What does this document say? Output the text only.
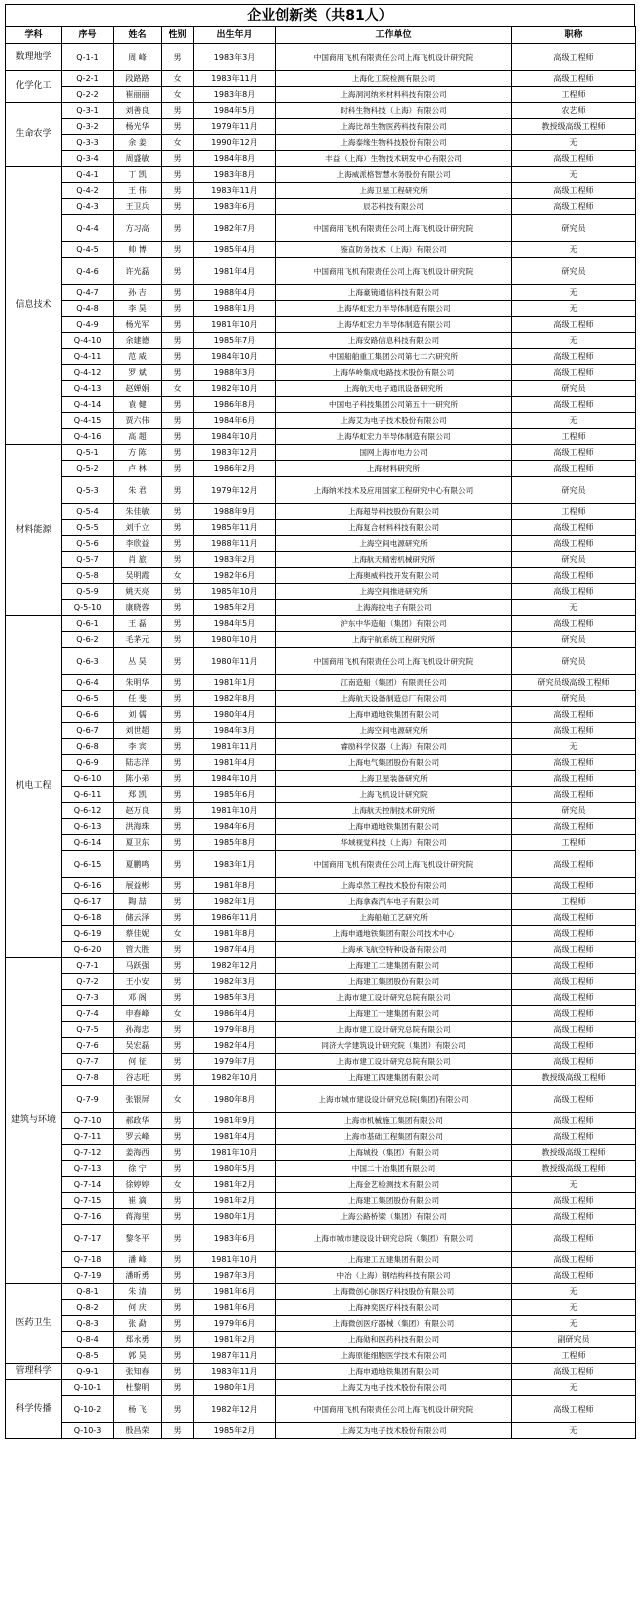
企业创新类（共81人）
学科	序号	姓名	性别	出生年月	工作单位	职称
数理地学	Q-1-1	周 峰	男	1983年3月	中国商用飞机有限责任公司上海飞机设计研究院	高级工程师
化学化工	Q-2-1	段路路	女	1983年11月	上海化工院检测有限公司	高级工程师
	Q-2-2	崔丽丽	女	1983年8月	上海洞河纳米材料科技有限公司	工程师
生命农学	Q-3-1	刘善良	男	1984年5月	时科生物科技（上海）有限公司	农艺师
	Q-3-2	杨光华	男	1979年11月	上海比昂生物医药科技有限公司	教授级高级工程师
	Q-3-3	余 姜	女	1990年12月	上海泰缘生物科技股份有限公司	无
	Q-3-4	周盛敏	男	1984年8月	丰益（上海）生物技术研发中心有限公司	高级工程师
信息技术	Q-4-1	丁 凯	男	1983年8月	上海威派格智慧水务股份有限公司	无
	Q-4-2	王 伟	男	1983年11月	上海卫星工程研究所	高级工程师
	Q-4-3	王卫兵	男	1983年6月	辰芯科技有限公司	高级工程师
	Q-4-4	方习高	男	1982年7月	中国商用飞机有限责任公司上海飞机设计研究院	研究员
	Q-4-5	帅 博	男	1985年4月	鉴直防务技术（上海）有限公司	无
	Q-4-6	许光磊	男	1981年4月	中国商用飞机有限责任公司上海飞机设计研究院	研究员
	Q-4-7	孙 吉	男	1988年4月	上海豪镜通信科技有限公司	无
	Q-4-8	李 昊	男	1988年1月	上海华虹宏力半导体制造有限公司	无
	Q-4-9	杨光军	男	1981年10月	上海华虹宏力半导体制造有限公司	高级工程师
	Q-4-10	余建德	男	1985年7月	上海安路信息科技有限公司	无
	Q-4-11	范 威	男	1984年10月	中国船舶重工集团公司第七二六研究所	高级工程师
	Q-4-12	罗 斌	男	1988年3月	上海华岭集成电路技术股份有限公司	高级工程师
	Q-4-13	赵婵娟	女	1982年10月	上海航天电子通讯设备研究所	研究员
	Q-4-14	袁 健	男	1986年8月	中国电子科技集团公司第五十一研究所	高级工程师
	Q-4-15	贾六伟	男	1984年6月	上海艾为电子技术股份有限公司	无
	Q-4-16	高 超	男	1984年10月	上海华虹宏力半导体制造有限公司	工程师
材料能源	Q-5-1	方 陈	男	1983年12月	国网上海市电力公司	高级工程师
	Q-5-2	卢 林	男	1986年2月	上海材料研究所	高级工程师
	Q-5-3	朱 君	男	1979年12月	上海纳米技术及应用国家工程研究中心有限公司	研究员
	Q-5-4	朱佳敏	男	1988年9月	上海超导科技股份有限公司	工程师
	Q-5-5	刘千立	男	1985年11月	上海复合材料科技有限公司	高级工程师
	Q-5-6	李欣益	男	1988年11月	上海空间电源研究所	高级工程师
	Q-5-7	肖 旅	男	1983年2月	上海航天精密机械研究所	研究员
	Q-5-8	吴明霞	女	1982年6月	上海奥威科技开发有限公司	高级工程师
	Q-5-9	姚天亮	男	1985年10月	上海空间推进研究所	高级工程师
	Q-5-10	康晓蓉	男	1985年2月	上海海拉电子有限公司	无
机电工程	Q-6-1	王 磊	男	1984年5月	沪东中华造船（集团）有限公司	高级工程师
	Q-6-2	毛茅元	男	1980年10月	上海宇航系统工程研究所	研究员
	Q-6-3	丛 昊	男	1980年11月	中国商用飞机有限责任公司上海飞机设计研究院	研究员
	Q-6-4	朱明华	男	1981年1月	江南造船（集团）有限责任公司	研究员级高级工程师
	Q-6-5	任 斐	男	1982年8月	上海航天设备制造总厂有限公司	研究员
	Q-6-6	刘 儒	男	1980年4月	上海申通地铁集团有限公司	高级工程师
	Q-6-7	刘世超	男	1984年3月	上海空间电源研究所	高级工程师
	Q-6-8	李 宾	男	1981年11月	睿励科学仪器（上海）有限公司	无
	Q-6-9	陆志洋	男	1981年4月	上海电气集团股份有限公司	高级工程师
	Q-6-10	陈小弟	男	1984年10月	上海卫星装备研究所	高级工程师
	Q-6-11	郑 凯	男	1985年6月	上海飞机设计研究院	高级工程师
	Q-6-12	赵万良	男	1981年10月	上海航天控制技术研究所	研究员
	Q-6-13	洪海珠	男	1984年6月	上海申通地铁集团有限公司	高级工程师
	Q-6-14	夏卫东	男	1985年8月	华域视觉科技（上海）有限公司	工程师
	Q-6-15	夏鹏鸣	男	1983年1月	中国商用飞机有限责任公司上海飞机设计研究院	高级工程师
	Q-6-16	展益彬	男	1981年8月	上海卓然工程技术股份有限公司	高级工程师
	Q-6-17	陶 喆	男	1982年1月	上海拿森汽车电子有限公司	工程师
	Q-6-18	储云泽	男	1986年11月	上海船舶工艺研究所	高级工程师
	Q-6-19	蔡佳妮	女	1981年8月	上海申通地铁集团有限公司技术中心	高级工程师
	Q-6-20	管大胜	男	1987年4月	上海承飞航空特种设备有限公司	高级工程师
建筑与环境	Q-7-1	马跃强	男	1982年12月	上海建工二建集团有限公司	高级工程师
	Q-7-2	王小安	男	1982年3月	上海建工集团股份有限公司	高级工程师
	Q-7-3	邓 阁	男	1985年3月	上海市建工设计研究总院有限公司	高级工程师
	Q-7-4	申春峰	女	1986年4月	上海建工一建集团有限公司	高级工程师
	Q-7-5	孙海忠	男	1979年8月	上海市建工设计研究总院有限公司	高级工程师
	Q-7-6	吴宏磊	男	1982年4月	同济大学建筑设计研究院（集团）有限公司	高级工程师
	Q-7-7	何 征	男	1979年7月	上海市建工设计研究总院有限公司	高级工程师
	Q-7-8	谷志旺	男	1982年10月	上海建工四建集团有限公司	教授级高级工程师
	Q-7-9	张银屏	女	1980年8月	上海市城市建设设计研究总院(集团)有限公司	高级工程师
	Q-7-10	郝政华	男	1981年9月	上海市机械施工集团有限公司	高级工程师
	Q-7-11	罗云峰	男	1981年4月	上海市基础工程集团有限公司	高级工程师
	Q-7-12	姜海西	男	1981年10月	上海城投（集团）有限公司	教授级高级工程师
	Q-7-13	徐 宁	男	1980年5月	中国二十冶集团有限公司	教授级高级工程师
	Q-7-14	徐婷婷	女	1981年2月	上海金艺检测技术有限公司	无
	Q-7-15	崔 滴	男	1981年2月	上海建工集团股份有限公司	高级工程师
	Q-7-16	蒋海里	男	1980年1月	上海公路桥梁（集团）有限公司	高级工程师
	Q-7-17	黎冬平	男	1983年6月	上海市城市建设设计研究总院（集团）有限公司	高级工程师
	Q-7-18	潘 峰	男	1981年10月	上海建工五建集团有限公司	高级工程师
	Q-7-19	潘昕勇	男	1987年3月	中冶（上海）钢结构科技有限公司	高级工程师
医药卫生	Q-8-1	朱 清	男	1981年6月	上海微创心脉医疗科技股份有限公司	无
	Q-8-2	何 庆	男	1981年6月	上海神奕医疗科技有限公司	无
	Q-8-3	张 勐	男	1979年6月	上海微创医疗器械（集团）有限公司	无
	Q-8-4	郑永勇	男	1981年2月	上海勋和医药科技有限公司	副研究员
	Q-8-5	郭 昊	男	1987年11月	上海原能细胞医学技术有限公司	工程师
管理科学	Q-9-1	张知春	男	1983年11月	上海申通地铁集团有限公司	高级工程师
科学传播	Q-10-1	杜黎明	男	1980年1月	上海艾为电子技术股份有限公司	无
	Q-10-2	杨 飞	男	1982年12月	中国商用飞机有限责任公司上海飞机设计研究院	高级工程师
	Q-10-3	殷昌荣	男	1985年2月	上海艾为电子技术股份有限公司	无
